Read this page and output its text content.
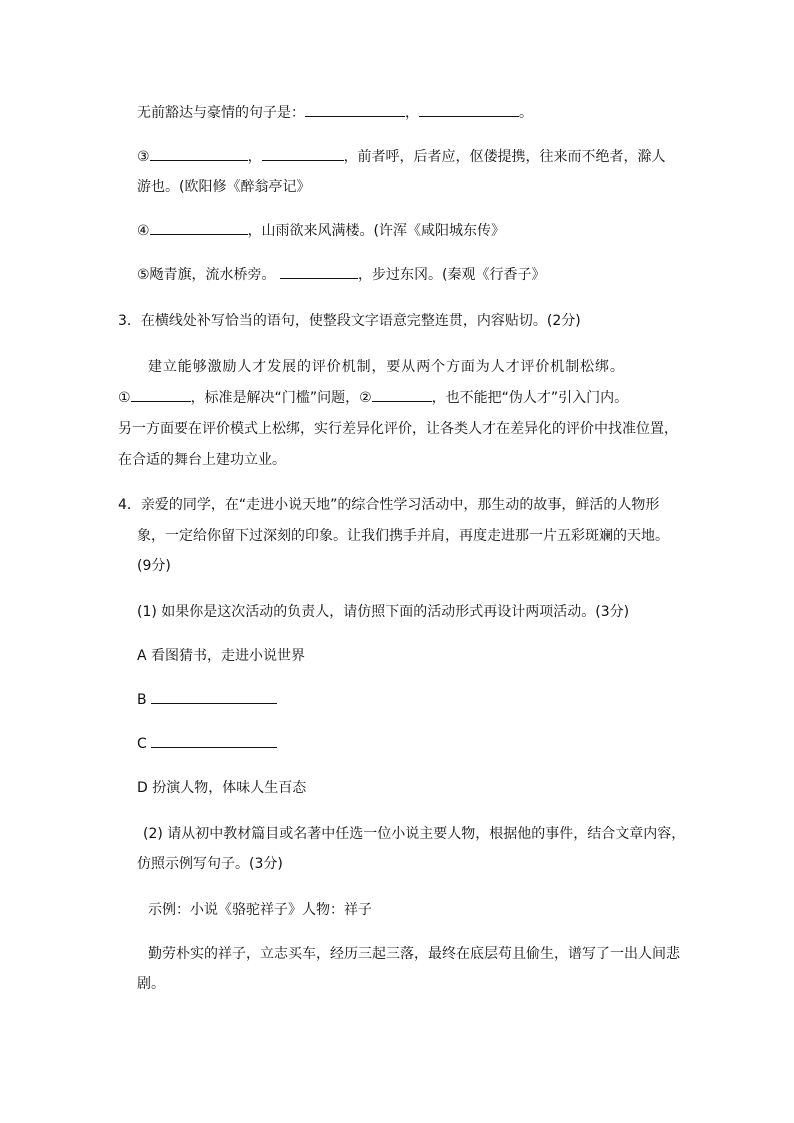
无前豁达与豪情的句子是：	，	。
③	，	，前者呼，后者应，伛偻提携，往来而不绝者，滁人
游也。(欧阳修《醉翁亭记》
④	，山雨欲来风满楼。(许浑《咸阳城东传》
⑤飏青旗，流水桥旁。	，步过东冈。(秦观《行香子》
3．在横线处补写恰当的语句，使整段文字语意完整连贯，内容贴切。(2分)
建立能够激励人才发展的评价机制，要从两个方面为人才评价机制松绑。
①	，标准是解决“门槛”问题，②	，也不能把“伪人才”引入门内。
另一方面要在评价模式上松绑，实行差异化评价，让各类人才在差异化的评价中找准位置，
在合适的舞台上建功立业。
4．亲爱的同学，在“走进小说天地”的综合性学习活动中，那生动的故事，鲜活的人物形
象，一定给你留下过深刻的印象。让我们携手并肩，再度走进那一片五彩斑斓的天地。
(9分)
(1) 如果你是这次活动的负责人，请仿照下面的活动形式再设计两项活动。(3分)
A 看图猜书，走进小说世界
B
C
D 扮演人物，体味人生百态
(2) 请从初中教材篇目或名著中任选一位小说主要人物，根据他的事件，结合文章内容，
仿照示例写句子。(3分)
示例：小说《骆驼祥子》人物：祥子
勤劳朴实的祥子，立志买车，经历三起三落，最终在底层苟且偷生，谱写了一出人间悲
剧。
